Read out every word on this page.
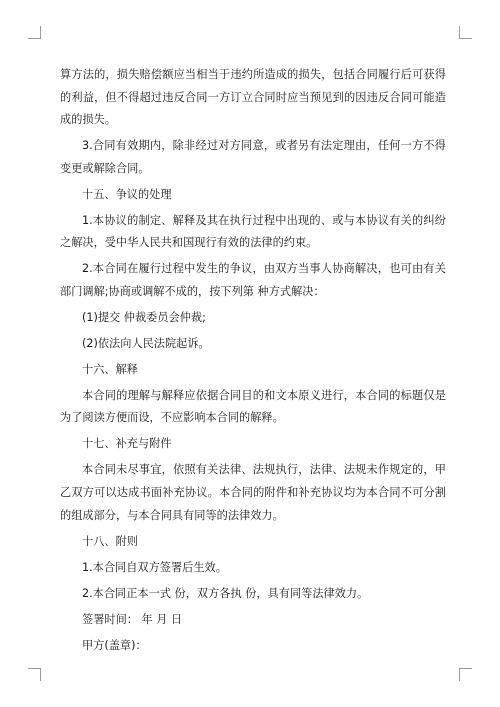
算方法的，损失赔偿额应当相当于违约所造成的损失，包括合同履行后可获得的利益，但不得超过违反合同一方订立合同时应当预见到的因违反合同可能造成的损失。

3.合同有效期内，除非经过对方同意，或者另有法定理由，任何一方不得变更或解除合同。

十五、争议的处理

1.本协议的制定、解释及其在执行过程中出现的、或与本协议有关的纠纷之解决，受中华人民共和国现行有效的法律的约束。

2.本合同在履行过程中发生的争议，由双方当事人协商解决，也可由有关部门调解;协商或调解不成的，按下列第 种方式解决：

(1)提交 仲裁委员会仲裁;

(2)依法向人民法院起诉。

十六、解释

本合同的理解与解释应依据合同目的和文本原义进行，本合同的标题仅是为了阅读方便而设，不应影响本合同的解释。

十七、补充与附件

本合同未尽事宜，依照有关法律、法规执行，法律、法规未作规定的，甲乙双方可以达成书面补充协议。本合同的附件和补充协议均为本合同不可分割的组成部分，与本合同具有同等的法律效力。

十八、附则

1.本合同自双方签署后生效。

2.本合同正本一式 份，双方各执 份，具有同等法律效力。

签署时间： 年 月 日

甲方(盖章)：
